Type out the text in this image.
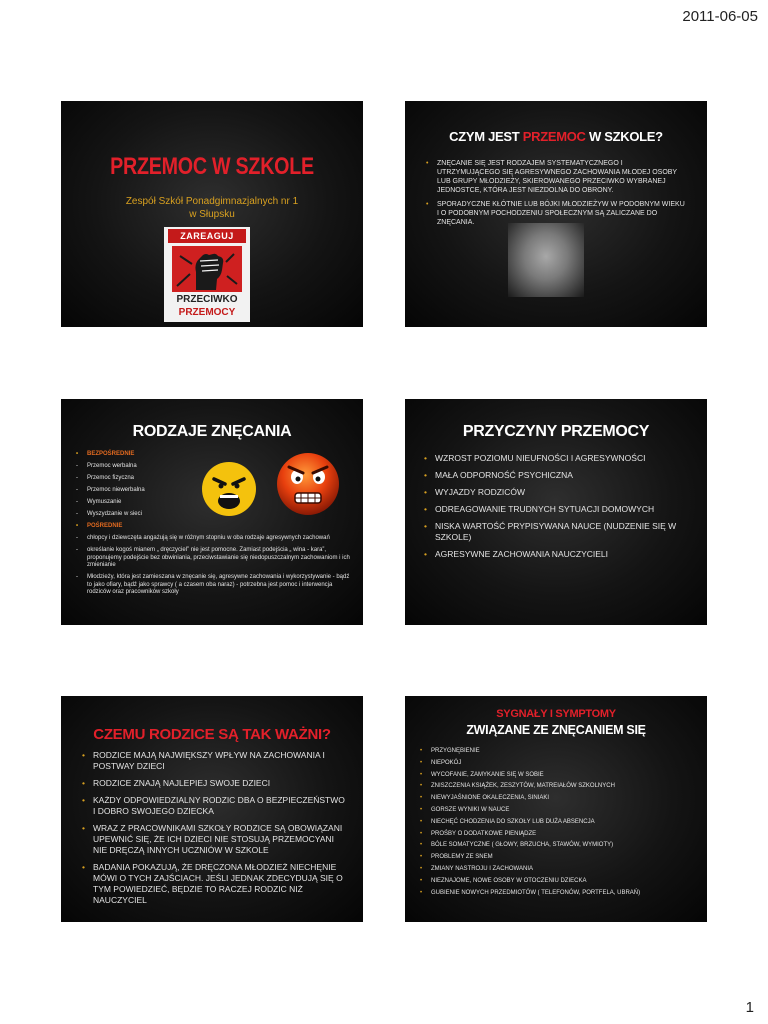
2011-06-05
PRZEMOC W SZKOLE
Zespół Szkół Ponadgimnazjalnych nr 1
w Słupsku
ZAREAGUJ
PRZECIWKO
PRZEMOCY
CZYM JEST PRZEMOC W SZKOLE?
• ZNĘCANIE SIĘ JEST RODZAJEM SYSTEMATYCZNEGO I UTRZYMUJĄCEGO SIĘ AGRESYWNEGO ZACHOWANIA MŁODEJ OSOBY LUB GRUPY MŁODZIEŻY, SKIEROWANEGO PRZECIWKO WYBRANEJ JEDNOSTCE, KTÓRA JEST NIEZDOLNA DO OBRONY.
• SPORADYCZNE KŁÓTNIE LUB BÓJKI MŁODZIEŻYW W PODOBNYM WIEKU I O PODOBNYM POCHODZENIU SPOŁECZNYM SĄ ZALICZANE DO ZNĘCANIA.
RODZAJE ZNĘCANIA
• BEZPOŚREDNIE
- Przemoc werbalna
- Przemoc fizyczna
- Przemoc niewerbalna
- Wymuszanie
- Wyszydzanie w sieci
• POŚREDNIE
- chłopcy i dziewczęta angażują się w różnym stopniu w oba rodzaje agresywnych zachowań
- określanie kogoś mianem „ dręczyciel” nie jest pomocne. Zamiast podejścia „ wina - kara”, proponujemy podejście bez obwiniania, przeciwstawianie się niedopuszczalnym zachowaniom i ich zmienianie
- Młodzieży, która jest zamieszana w znęcanie się, agresywne zachowania i wykorzystywanie - bądź to jako ofiary, bądź jako sprawcy ( a czasem oba naraz) - potrzebna jest pomoc i interwencja rodziców oraz pracowników szkoły
PRZYCZYNY PRZEMOCY
• WZROST POZIOMU NIEUFNOŚCI I AGRESYWNOŚCI
• MAŁA ODPORNOŚĆ PSYCHICZNA
• WYJAZDY RODZICÓW
• ODREAGOWANIE TRUDNYCH SYTUACJI DOMOWYCH
• NISKA WARTOŚĆ PRYPISYWANA NAUCE (NUDZENIE SIĘ W SZKOLE)
• AGRESYWNE ZACHOWANIA NAUCZYCIELI
CZEMU RODZICE SĄ TAK WAŻNI?
• RODZICE MAJĄ NAJWIĘKSZY WPŁYW NA ZACHOWANIA I POSTWAY DZIECI
• RODZICE ZNAJĄ NAJLEPIEJ SWOJE DZIECI
• KAŻDY ODPOWIEDZIALNY RODZIC DBA O BEZPIECZEŃSTWO I DOBRO SWOJEGO DZIECKA
• WRAZ Z PRACOWNIKAMI SZKOŁY RODZICE SĄ OBOWIĄZANI UPEWNIĆ SIĘ, ŻE ICH DZIECI NIE STOSUJĄ PRZEMOCYANI NIE DRĘCZĄ INNYCH UCZNIÓW W SZKOLE
• BADANIA POKAZUJĄ, ŻE DRĘCZONA MŁODZIEŻ NIECHĘNIE MÓWI O TYCH ZAJŚCIACH. JEŚLI JEDNAK ZDECYDUJĄ SIĘ O TYM POWIEDZIEĆ, BĘDZIE TO RACZEJ RODZIC NIŻ NAUCZYCIEL
SYGNAŁY I SYMPTOMY
ZWIĄZANE ZE ZNĘCANIEM SIĘ
• PRZYGNĘBIENIE
• NIEPOKÓJ
• WYCOFANIE, ZAMYKANIE SIĘ W SOBIE
• ZNISZCZENIA KSIĄŻEK, ZESZYTÓW, MATREIAŁÓW SZKOLNYCH
• NIEWYJAŚNIONE OKALECZENIA, SINIAKI
• GORSZE WYNIKI W NAUCE
• NIECHĘĆ CHODZENIA DO SZKOŁY LUB DUŻA ABSENCJA
• PROŚBY O DODATKOWE PIENIĄDZE
• BÓLE SOMATYCZNE ( GŁOWY, BRZUCHA, STAWÓW, WYMIOTY)
• PROBLEMY ZE SNEM
• ZMIANY NASTROJU I ZACHOWANIA
• NIEZNAJOME, NOWE OSOBY W OTOCZENIU DZIECKA
• GUBIENIE NOWYCH PRZEDMIOTÓW ( TELEFONÓW, PORTFELA, UBRAŃ)
1
